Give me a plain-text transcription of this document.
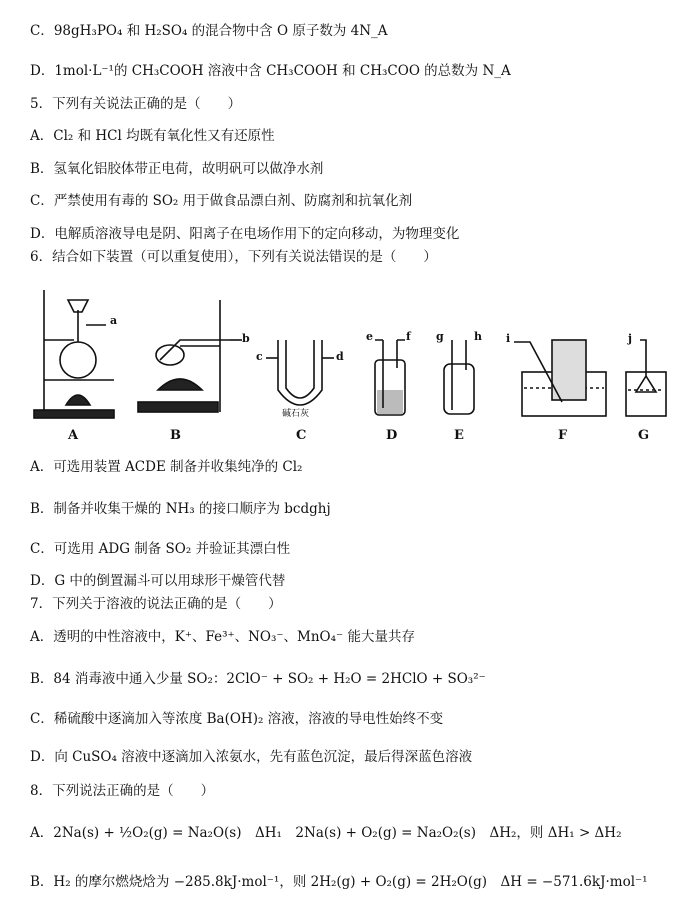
C．98gH₃PO₄ 和 H₂SO₄ 的混合物中含 O 原子数为 4N_A
D．1mol·L⁻¹的 CH₃COOH 溶液中含 CH₃COOH 和 CH₃COO 的总数为 N_A
5．下列有关说法正确的是（　　）
A．Cl₂ 和 HCl 均既有氧化性又有还原性
B．氢氧化铝胶体带正电荷，故明矾可以做净水剂
C．严禁使用有毒的 SO₂ 用于做食品漂白剂、防腐剂和抗氧化剂
D．电解质溶液导电是阴、阳离子在电场作用下的定向移动，为物理变化
6．结合如下装置（可以重复使用），下列有关说法错误的是（　　）
A	B	C	D	E	F	G
a
b
c	d
e	f g	h i	j
碱石灰
A．可选用装置 ACDE 制备并收集纯净的 Cl₂
B．制备并收集干燥的 NH₃ 的接口顺序为 bcdghj
C．可选用 ADG 制备 SO₂ 并验证其漂白性
D．G 中的倒置漏斗可以用球形干燥管代替
7．下列关于溶液的说法正确的是（　　）
A．透明的中性溶液中，K⁺、Fe³⁺、NO₃⁻、MnO₄⁻ 能大量共存
B．84 消毒液中通入少量 SO₂：2ClO⁻ + SO₂ + H₂O = 2HClO + SO₃²⁻
C．稀硫酸中逐滴加入等浓度 Ba(OH)₂ 溶液，溶液的导电性始终不变
D．向 CuSO₄ 溶液中逐滴加入浓氨水，先有蓝色沉淀，最后得深蓝色溶液
8．下列说法正确的是（　　）
A．2Na(s) + ½O₂(g) = Na₂O(s)　ΔH₁　2Na(s) + O₂(g) = Na₂O₂(s)　ΔH₂，则 ΔH₁ > ΔH₂
B．H₂ 的摩尔燃烧焓为 −285.8kJ·mol⁻¹，则 2H₂(g) + O₂(g) = 2H₂O(g)　ΔH = −571.6kJ·mol⁻¹
